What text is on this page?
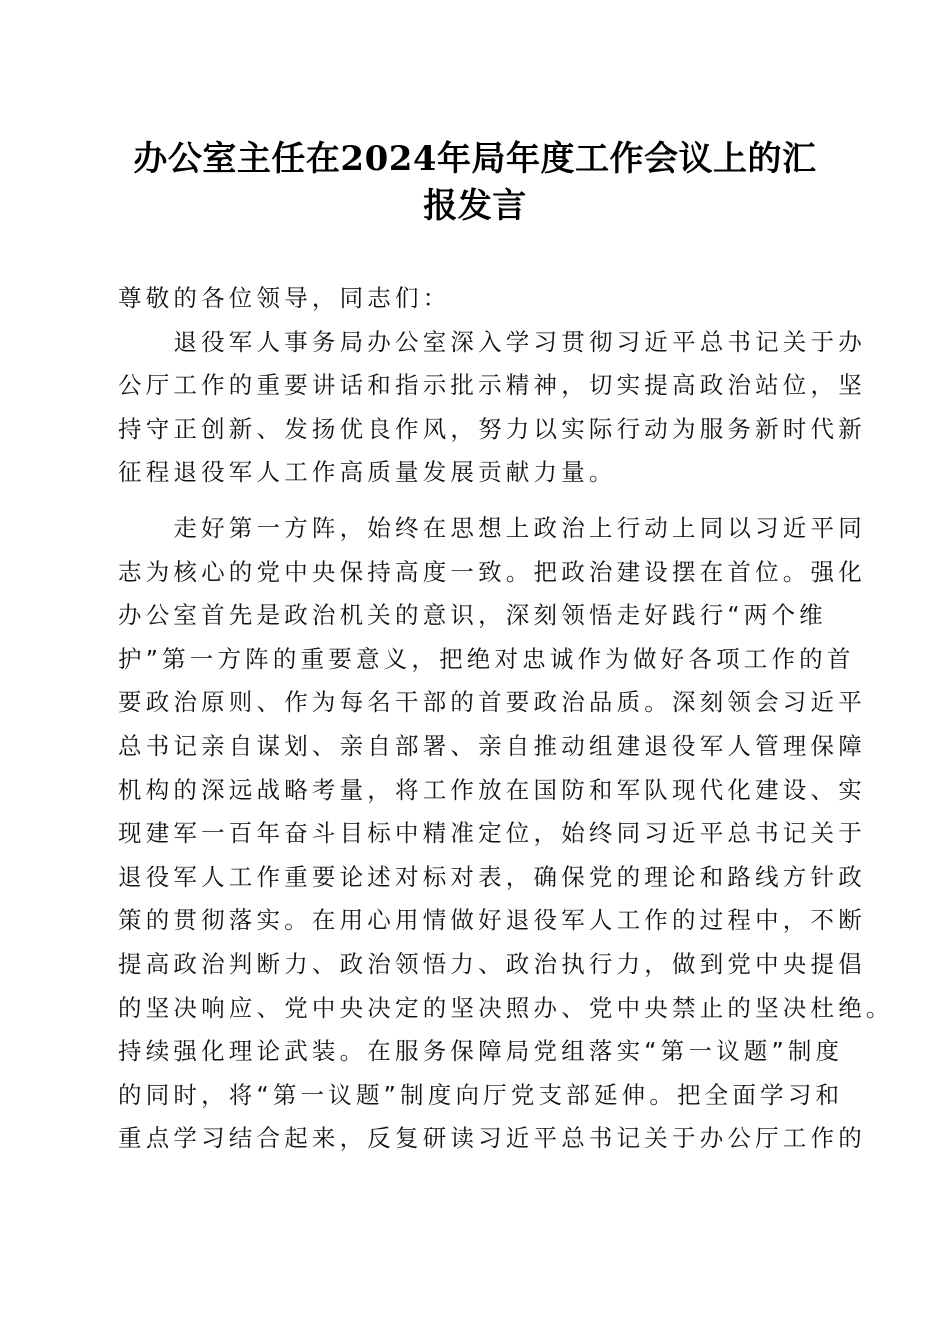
办公室主任在2024年局年度工作会议上的汇
报发言
尊敬的各位领导，同志们：
　　退役军人事务局办公室深入学习贯彻习近平总书记关于办
公厅工作的重要讲话和指示批示精神，切实提高政治站位，坚
持守正创新、发扬优良作风，努力以实际行动为服务新时代新
征程退役军人工作高质量发展贡献力量。
　　走好第一方阵，始终在思想上政治上行动上同以习近平同
志为核心的党中央保持高度一致。把政治建设摆在首位。强化
办公室首先是政治机关的意识，深刻领悟走好践行“两个维
护”第一方阵的重要意义，把绝对忠诚作为做好各项工作的首
要政治原则、作为每名干部的首要政治品质。深刻领会习近平
总书记亲自谋划、亲自部署、亲自推动组建退役军人管理保障
机构的深远战略考量，将工作放在国防和军队现代化建设、实
现建军一百年奋斗目标中精准定位，始终同习近平总书记关于
退役军人工作重要论述对标对表，确保党的理论和路线方针政
策的贯彻落实。在用心用情做好退役军人工作的过程中，不断
提高政治判断力、政治领悟力、政治执行力，做到党中央提倡
的坚决响应、党中央决定的坚决照办、党中央禁止的坚决杜绝。
持续强化理论武装。在服务保障局党组落实“第一议题”制度
的同时，将“第一议题”制度向厅党支部延伸。把全面学习和
重点学习结合起来，反复研读习近平总书记关于办公厅工作的
